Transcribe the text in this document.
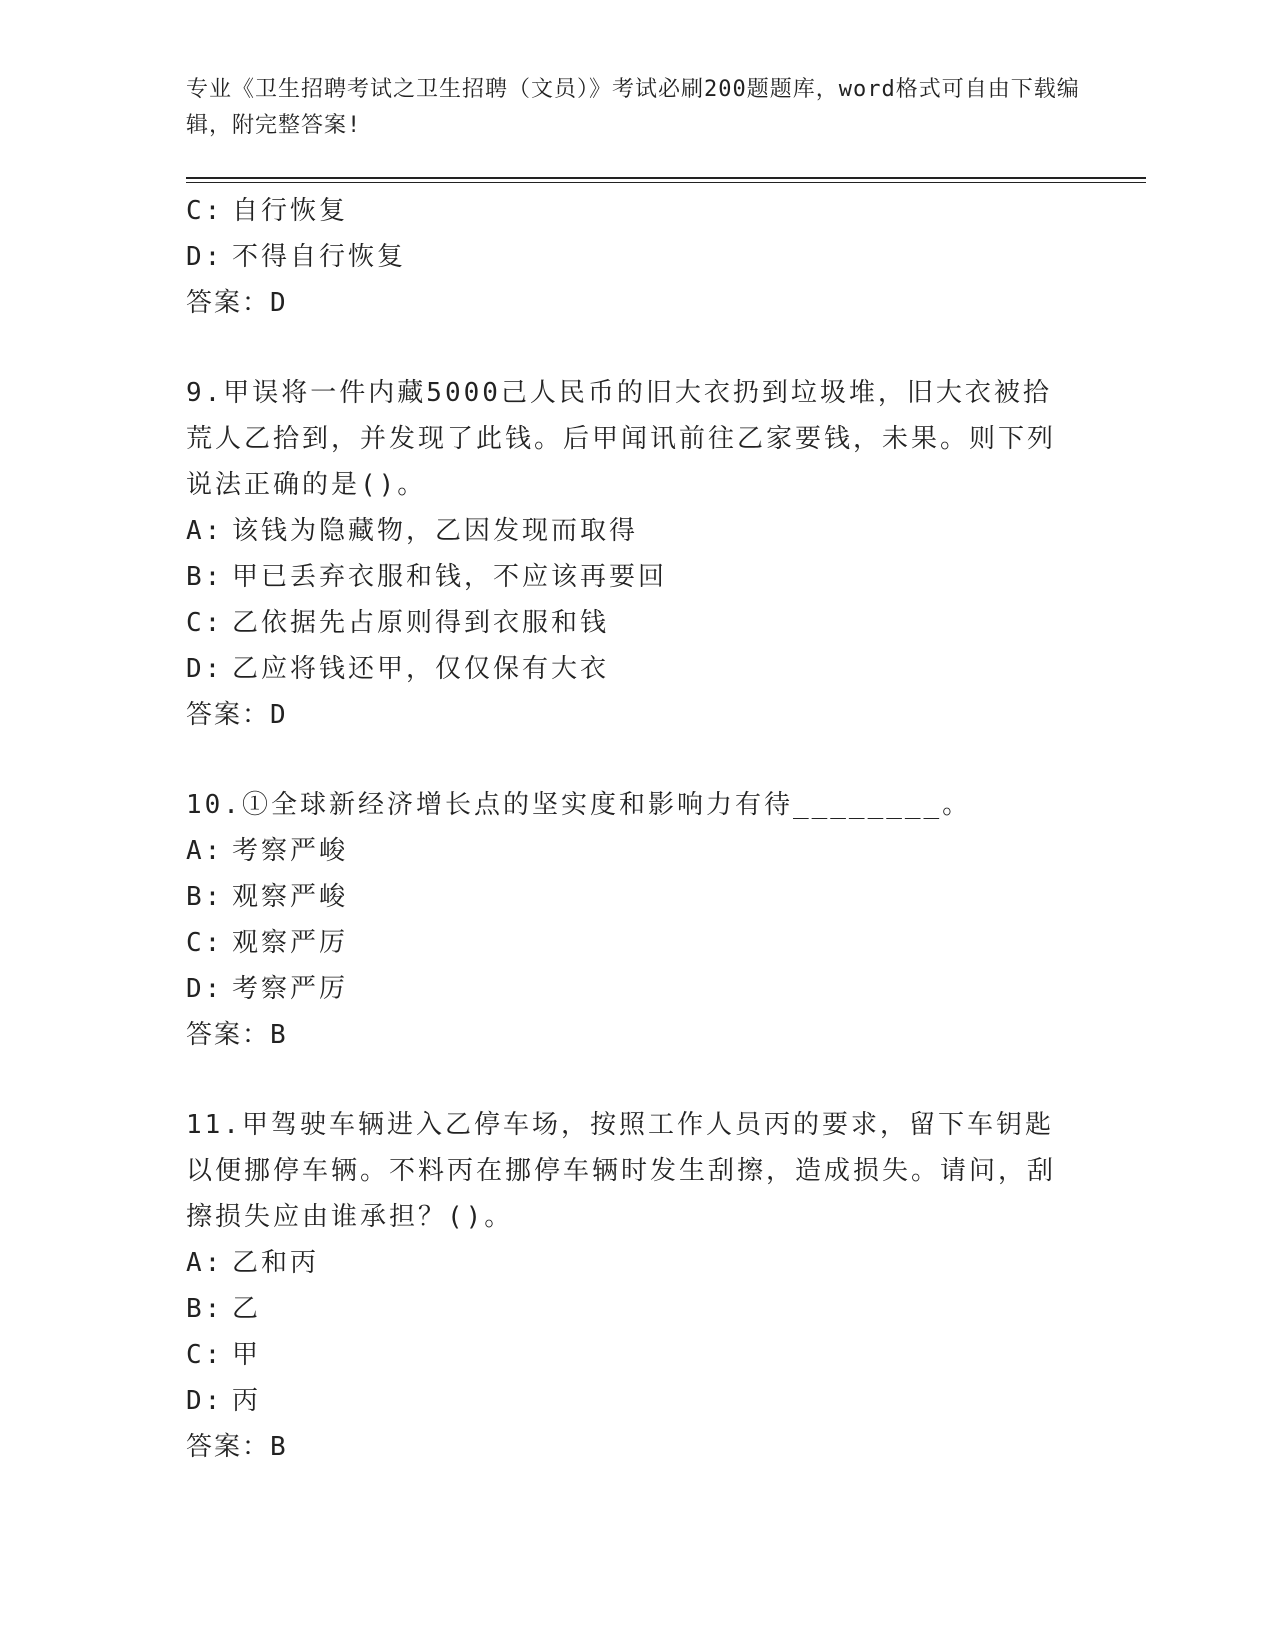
专业《卫生招聘考试之卫生招聘（文员）》考试必刷200题题库，word格式可自由下载编辑，附完整答案!
C: 自行恢复
D: 不得自行恢复
答案：D
9.甲误将一件内藏5000己人民币的旧大衣扔到垃圾堆，旧大衣被拾荒人乙拾到，并发现了此钱。后甲闻讯前往乙家要钱，未果。则下列说法正确的是()。
A: 该钱为隐藏物，乙因发现而取得
B: 甲已丢弃衣服和钱，不应该再要回
C: 乙依据先占原则得到衣服和钱
D: 乙应将钱还甲，仅仅保有大衣
答案：D
10.①全球新经济增长点的坚实度和影响力有待________。
A: 考察严峻
B: 观察严峻
C: 观察严厉
D: 考察严厉
答案：B
11.甲驾驶车辆进入乙停车场，按照工作人员丙的要求，留下车钥匙以便挪停车辆。不料丙在挪停车辆时发生刮擦，造成损失。请问，刮擦损失应由谁承担？()。
A: 乙和丙
B: 乙
C: 甲
D: 丙
答案：B
